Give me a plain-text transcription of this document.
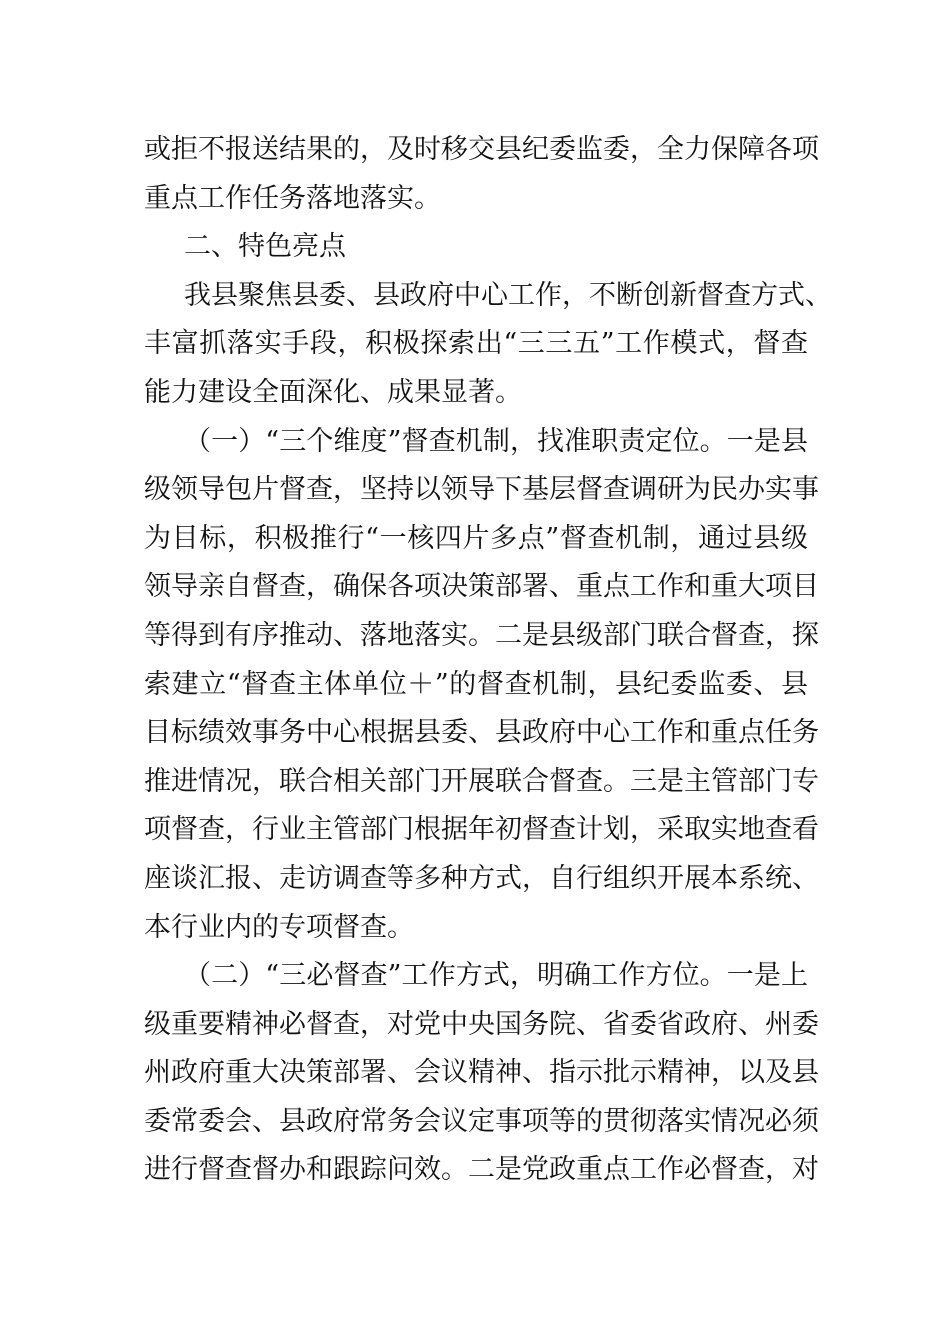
或拒不报送结果的，及时移交县纪委监委，全力保障各项
重点工作任务落地落实。
二、特色亮点
我县聚焦县委、县政府中心工作，不断创新督查方式、
丰富抓落实手段，积极探索出“三三五”工作模式，督查
能力建设全面深化、成果显著。
（一）“三个维度”督查机制，找准职责定位。一是县
级领导包片督查，坚持以领导下基层督查调研为民办实事
为目标，积极推行“一核四片多点”督查机制，通过县级
领导亲自督查，确保各项决策部署、重点工作和重大项目
等得到有序推动、落地落实。二是县级部门联合督查，探
索建立“督查主体单位＋”的督查机制，县纪委监委、县
目标绩效事务中心根据县委、县政府中心工作和重点任务
推进情况，联合相关部门开展联合督查。三是主管部门专
项督查，行业主管部门根据年初督查计划，采取实地查看
座谈汇报、走访调查等多种方式，自行组织开展本系统、
本行业内的专项督查。
（二）“三必督查”工作方式，明确工作方位。一是上
级重要精神必督查，对党中央国务院、省委省政府、州委
州政府重大决策部署、会议精神、指示批示精神，以及县
委常委会、县政府常务会议定事项等的贯彻落实情况必须
进行督查督办和跟踪问效。二是党政重点工作必督查，对
